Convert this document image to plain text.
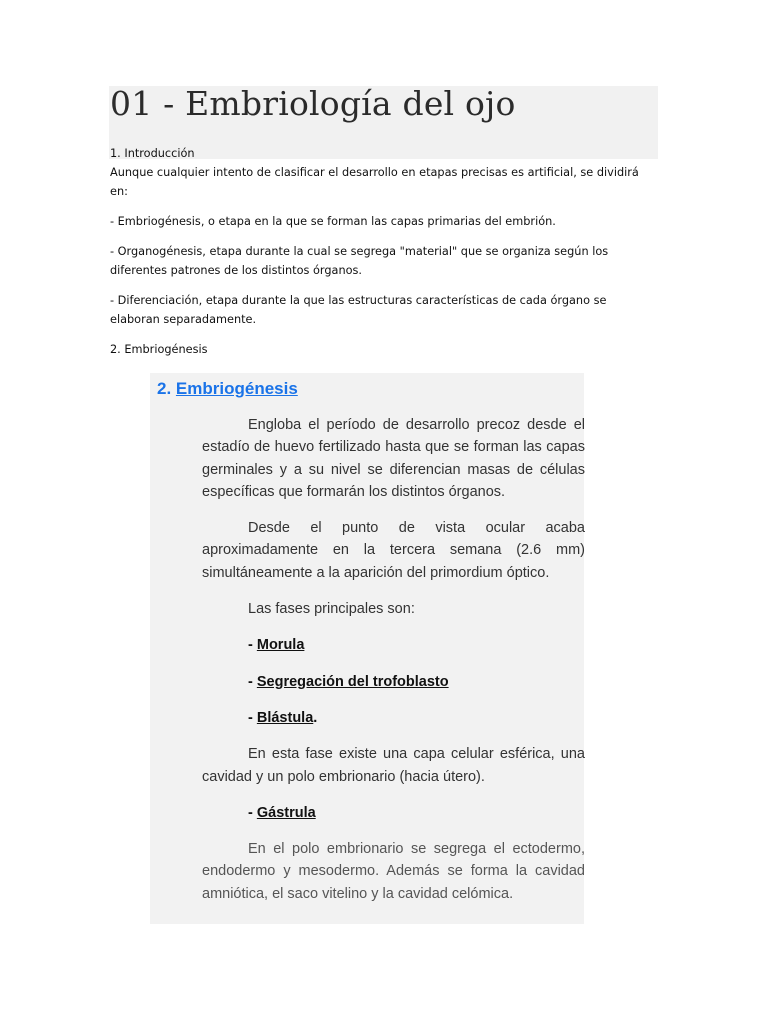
01 - Embriología del ojo
1. Introducción

Aunque cualquier intento de clasificar el desarrollo en etapas precisas es artificial, se dividirá en:

- Embriogénesis, o etapa en la que se forman las capas primarias del embrión.

- Organogénesis, etapa durante la cual se segrega "material" que se organiza según los diferentes patrones de los distintos órganos.

- Diferenciación, etapa durante la que las estructuras características de cada órgano se elaboran separadamente.

2. Embriogénesis

2. Embriogénesis

Engloba el período de desarrollo precoz desde el estadío de huevo fertilizado hasta que se forman las capas germinales y a su nivel se diferencian masas de células específicas que formarán los distintos órganos.

Desde el punto de vista ocular acaba aproximadamente en la tercera semana (2.6 mm) simultáneamente a la aparición del primordium óptico.

Las fases principales son:

- Morula

- Segregación del trofoblasto

- Blástula.

En esta fase existe una capa celular esférica, una cavidad y un polo embrionario (hacia útero).

- Gástrula

En el polo embrionario se segrega el ectodermo, endodermo y mesodermo. Además se forma la cavidad amniótica, el saco vitelino y la cavidad celómica.
